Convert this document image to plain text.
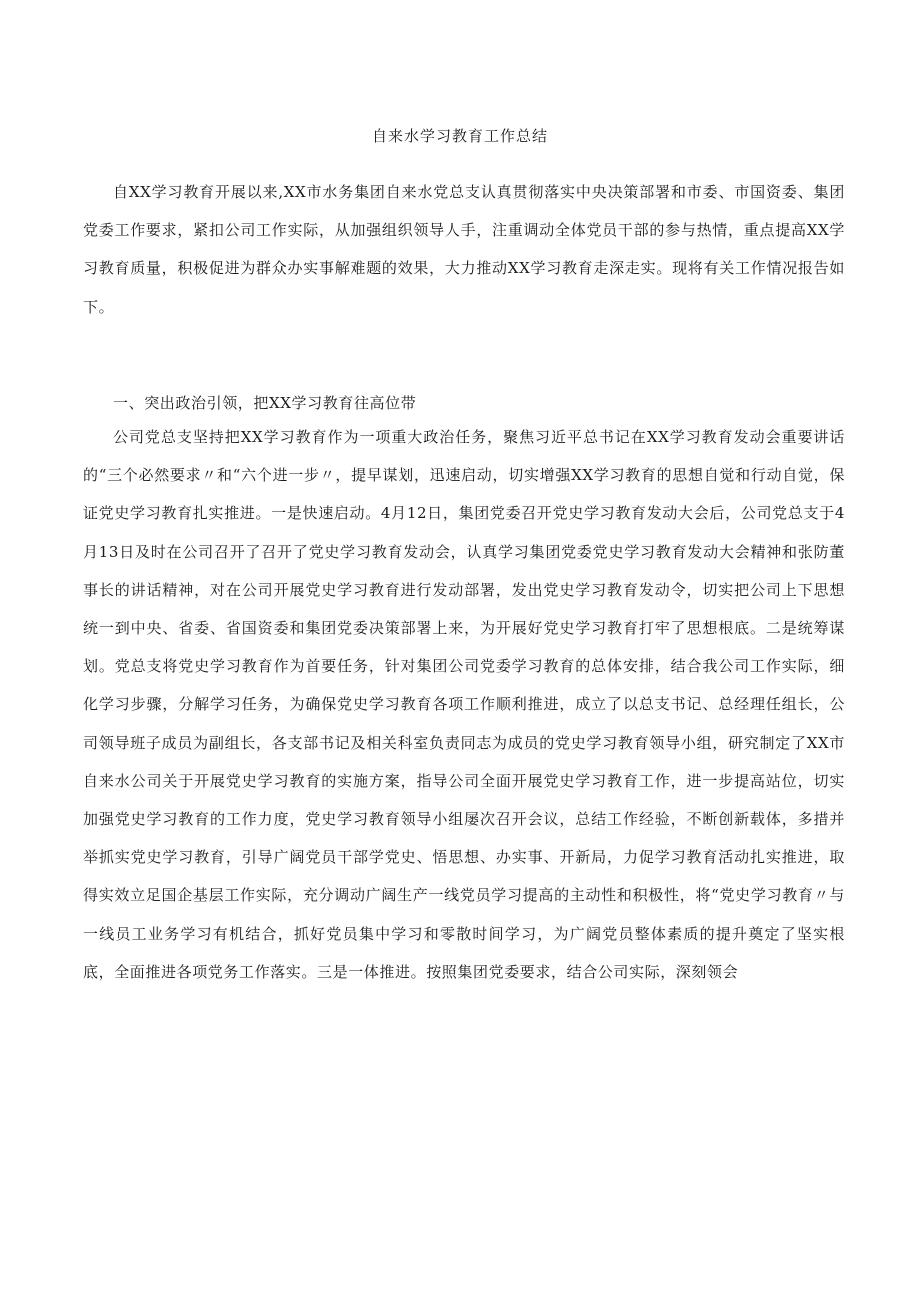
自来水学习教育工作总结

自XX学习教育开展以来,XX市水务集团自来水党总支认真贯彻落实中央决策部署和市委、市国资委、集团党委工作要求，紧扣公司工作实际，从加强组织领导人手，注重调动全体党员干部的参与热情，重点提高XX学习教育质量，积极促进为群众办实事解难题的效果，大力推动XX学习教育走深走实。现将有关工作情况报告如下。

一、突出政治引领，把XX学习教育往高位带

公司党总支坚持把XX学习教育作为一项重大政治任务，聚焦习近平总书记在XX学习教育发动会重要讲话的“三个必然要求〃和“六个进一步〃，提早谋划，迅速启动，切实增强XX学习教育的思想自觉和行动自觉，保证党史学习教育扎实推进。一是快速启动。4月12日，集团党委召开党史学习教育发动大会后，公司党总支于4月13日及时在公司召开了召开了党史学习教育发动会，认真学习集团党委党史学习教育发动大会精神和张防董事长的讲话精神，对在公司开展党史学习教育进行发动部署，发出党史学习教育发动令，切实把公司上下思想统一到中央、省委、省国资委和集团党委决策部署上来，为开展好党史学习教育打牢了思想根底。二是统筹谋划。党总支将党史学习教育作为首要任务，针对集团公司党委学习教育的总体安排，结合我公司工作实际，细化学习步骤，分解学习任务，为确保党史学习教育各项工作顺利推进，成立了以总支书记、总经理任组长，公司领导班子成员为副组长，各支部书记及相关科室负责同志为成员的党史学习教育领导小组，研究制定了XX市自来水公司关于开展党史学习教育的实施方案，指导公司全面开展党史学习教育工作，进一步提高站位，切实加强党史学习教育的工作力度，党史学习教育领导小组屡次召开会议，总结工作经验，不断创新载体，多措并举抓实党史学习教育，引导广阔党员干部学党史、悟思想、办实事、开新局，力促学习教育活动扎实推进，取得实效立足国企基层工作实际，充分调动广阔生产一线党员学习提高的主动性和积极性，将“党史学习教育〃与一线员工业务学习有机结合，抓好党员集中学习和零散时间学习，为广阔党员整体素质的提升奠定了坚实根底，全面推进各项党务工作落实。三是一体推进。按照集团党委要求，结合公司实际，深刻领会
